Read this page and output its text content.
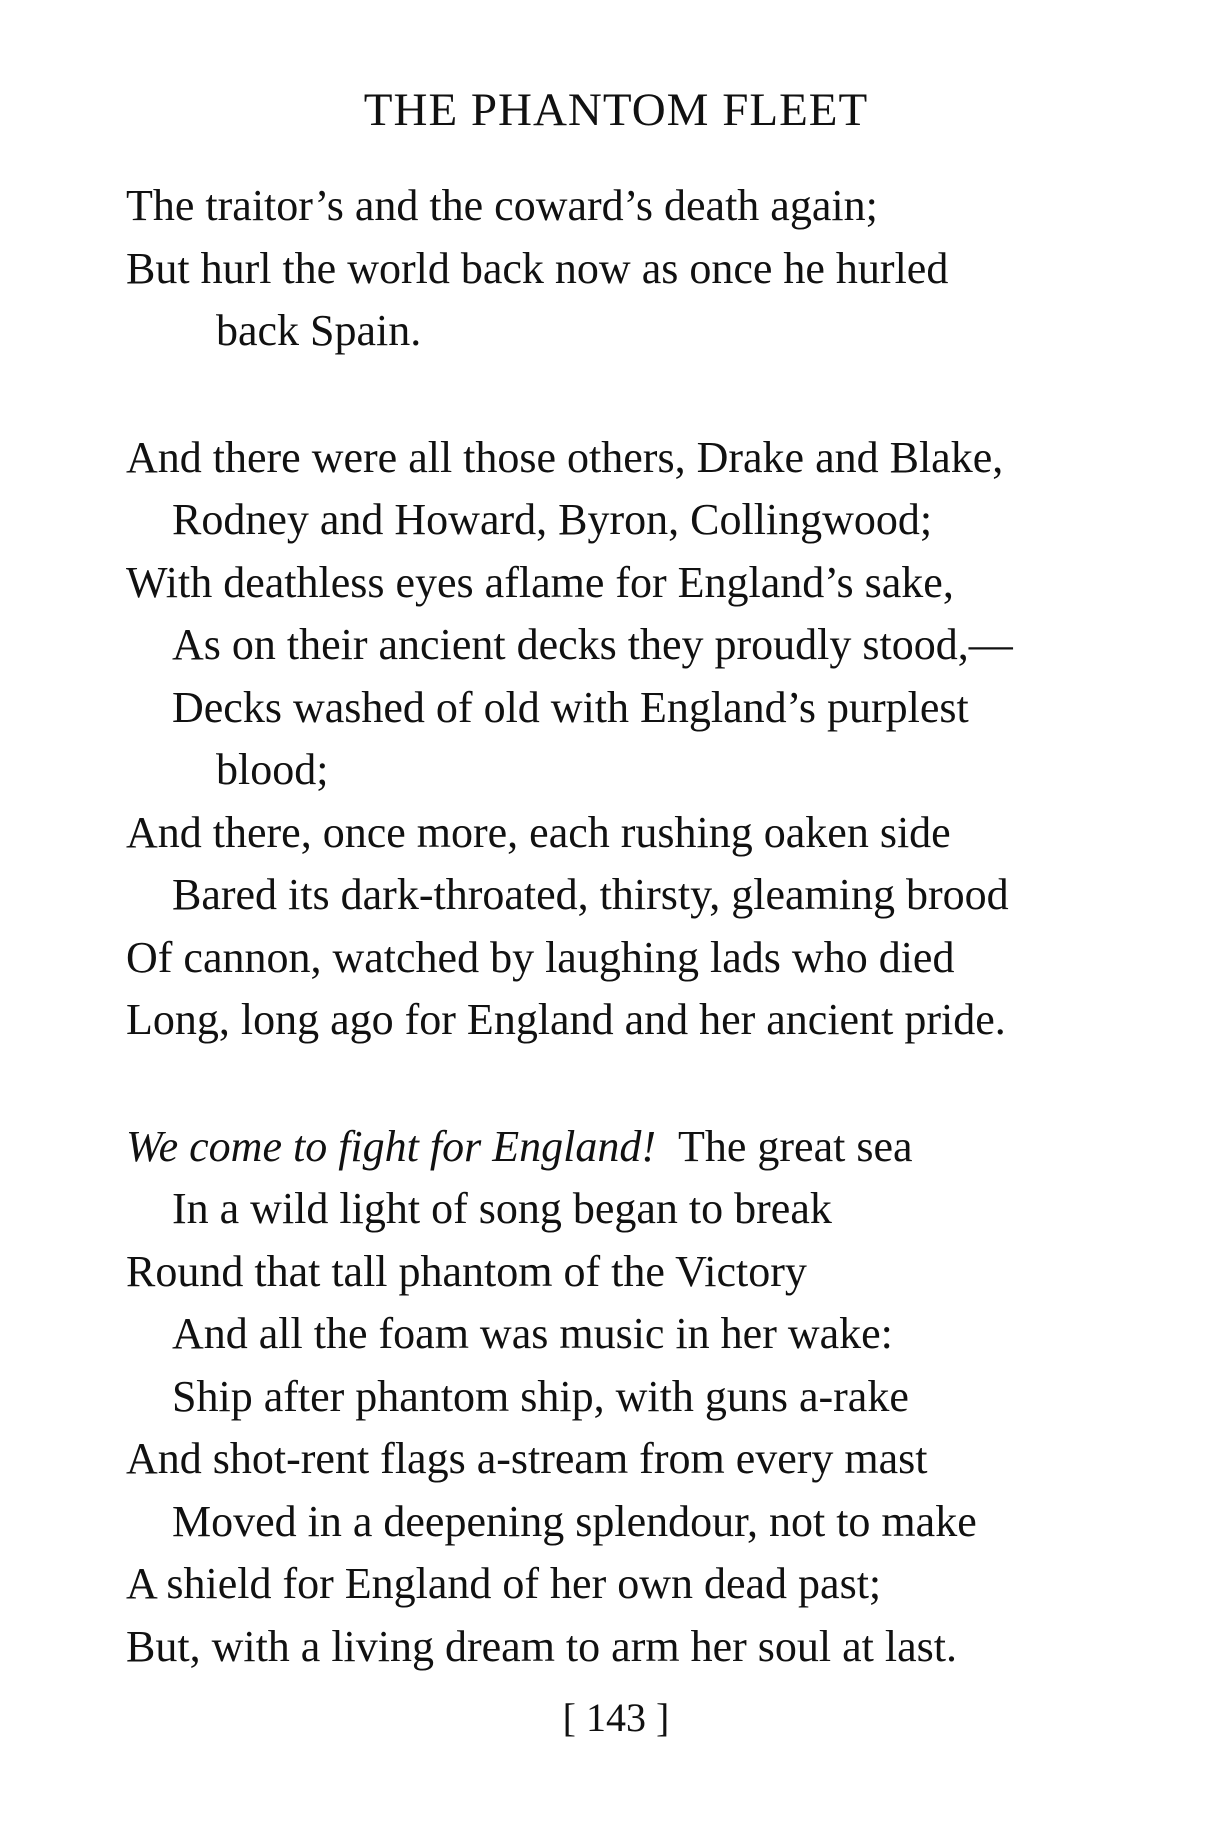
THE PHANTOM FLEET
The traitor’s and the coward’s death again;
But hurl the world back now as once he hurled
back Spain.
And there were all those others, Drake and Blake,
Rodney and Howard, Byron, Collingwood;
With deathless eyes aflame for England’s sake,
As on their ancient decks they proudly stood,—
Decks washed of old with England’s purplest
blood;
And there, once more, each rushing oaken side
Bared its dark-throated, thirsty, gleaming brood
Of cannon, watched by laughing lads who died
Long, long ago for England and her ancient pride.
We come to fight for England! The great sea
In a wild light of song began to break
Round that tall phantom of the Victory
And all the foam was music in her wake:
Ship after phantom ship, with guns a-rake
And shot-rent flags a-stream from every mast
Moved in a deepening splendour, not to make
A shield for England of her own dead past;
But, with a living dream to arm her soul at last.
[ 143 ]
